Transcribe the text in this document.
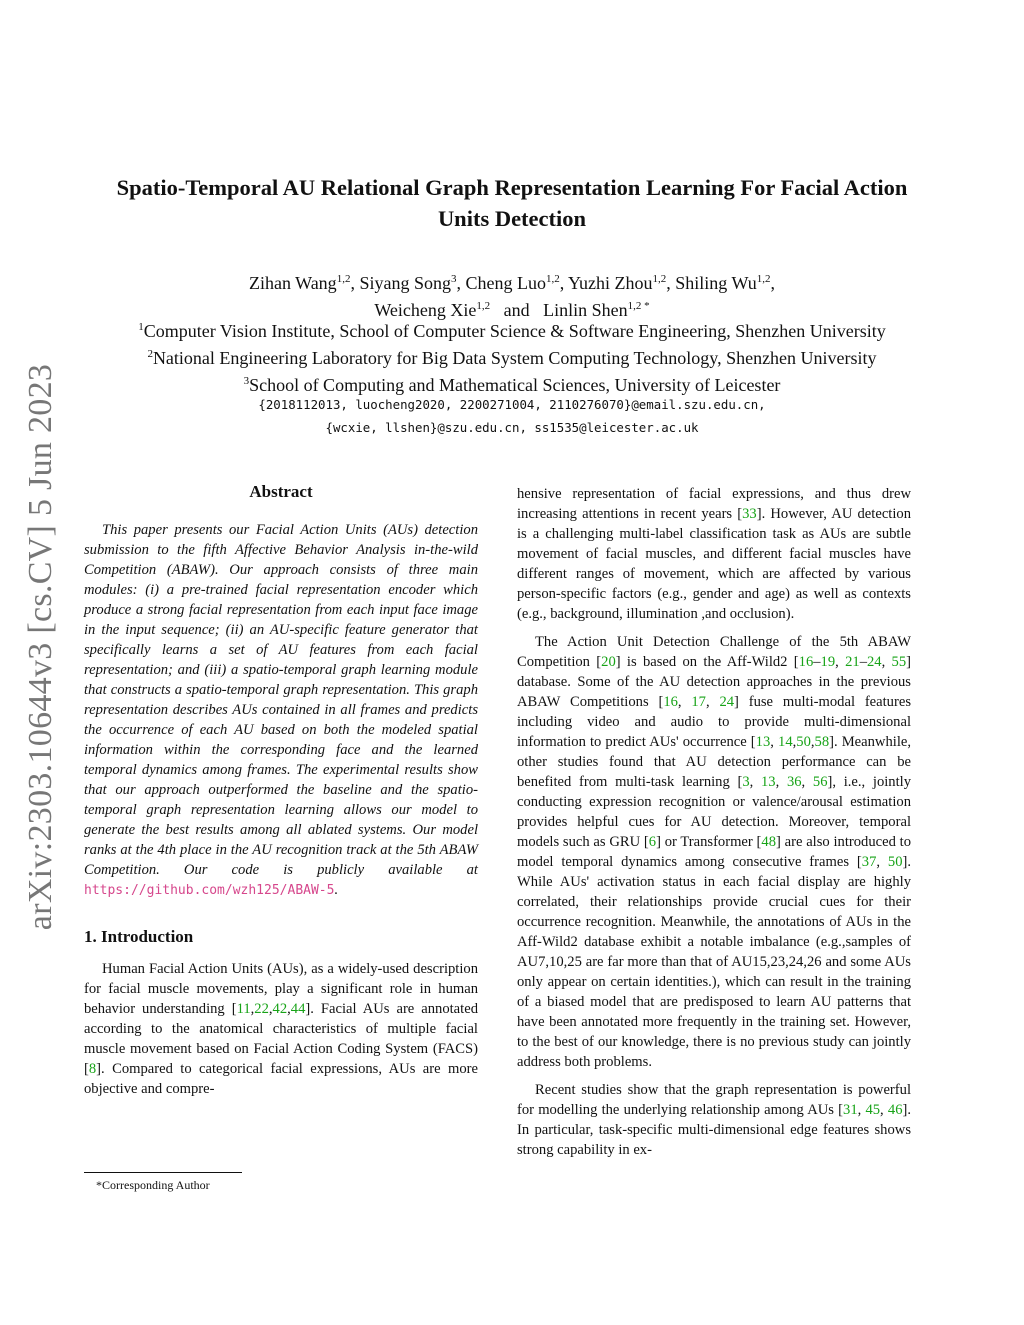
arXiv:2303.10644v3 [cs.CV] 5 Jun 2023
Spatio-Temporal AU Relational Graph Representation Learning For Facial Action Units Detection
Zihan Wang$^{1,2}$, Siyang Song$^3$, Cheng Luo$^{1,2}$, Yuzhi Zhou$^{1,2}$, Shiling Wu$^{1,2}$,
Weicheng Xie$^{1,2}$   and   Linlin Shen$^{1,2 *}$
$^1$Computer Vision Institute, School of Computer Science & Software Engineering, Shenzhen University
$^2$National Engineering Laboratory for Big Data System Computing Technology, Shenzhen University
$^3$School of Computing and Mathematical Sciences, University of Leicester
{2018112013, luocheng2020, 2200271004, 2110276070}@email.szu.edu.cn,
{wcxie, llshen}@szu.edu.cn, ss1535@leicester.ac.uk
Abstract

This paper presents our Facial Action Units (AUs) detection submission to the fifth Affective Behavior Analysis in-the-wild Competition (ABAW). Our approach consists of three main modules: (i) a pre-trained facial representation encoder which produce a strong facial representation from each input face image in the input sequence; (ii) an AU-specific feature generator that specifically learns a set of AU features from each facial representation; and (iii) a spatio-temporal graph learning module that constructs a spatio-temporal graph representation. This graph representation describes AUs contained in all frames and predicts the occurrence of each AU based on both the modeled spatial information within the corresponding face and the learned temporal dynamics among frames. The experimental results show that our approach outperformed the baseline and the spatio-temporal graph representation learning allows our model to generate the best results among all ablated systems. Our model ranks at the 4th place in the AU recognition track at the 5th ABAW Competition. Our code is publicly available at https://github.com/wzh125/ABAW-5.

1. Introduction

Human Facial Action Units (AUs), as a widely-used description for facial muscle movements, play a significant role in human behavior understanding [11,22,42,44]. Facial AUs are annotated according to the anatomical characteristics of multiple facial muscle movement based on Facial Action Coding System (FACS) [8]. Compared to categorical facial expressions, AUs are more objective and compre-

hensive representation of facial expressions, and thus drew increasing attentions in recent years [33]. However, AU detection is a challenging multi-label classification task as AUs are subtle movement of facial muscles, and different facial muscles have different ranges of movement, which are affected by various person-specific factors (e.g., gender and age) as well as contexts (e.g., background, illumination ,and occlusion).

The Action Unit Detection Challenge of the 5th ABAW Competition [20] is based on the Aff-Wild2 [16–19, 21–24, 55] database. Some of the AU detection approaches in the previous ABAW Competitions [16, 17, 24] fuse multi-modal features including video and audio to provide multi-dimensional information to predict AUs' occurrence [13, 14,50,58]. Meanwhile, other studies found that AU detection performance can be benefited from multi-task learning [3, 13, 36, 56], i.e., jointly conducting expression recognition or valence/arousal estimation provides helpful cues for AU detection. Moreover, temporal models such as GRU [6] or Transformer [48] are also introduced to model temporal dynamics among consecutive frames [37, 50]. While AUs' activation status in each facial display are highly correlated, their relationships provide crucial cues for their occurrence recognition. Meanwhile, the annotations of AUs in the Aff-Wild2 database exhibit a notable imbalance (e.g.,samples of AU7,10,25 are far more than that of AU15,23,24,26 and some AUs only appear on certain identities.), which can result in the training of a biased model that are predisposed to learn AU patterns that have been annotated more frequently in the training set. However, to the best of our knowledge, there is no previous study can jointly address both problems.

Recent studies show that the graph representation is powerful for modelling the underlying relationship among AUs [31, 45, 46]. In particular, task-specific multi-dimensional edge features shows strong capability in ex-

*Corresponding Author
